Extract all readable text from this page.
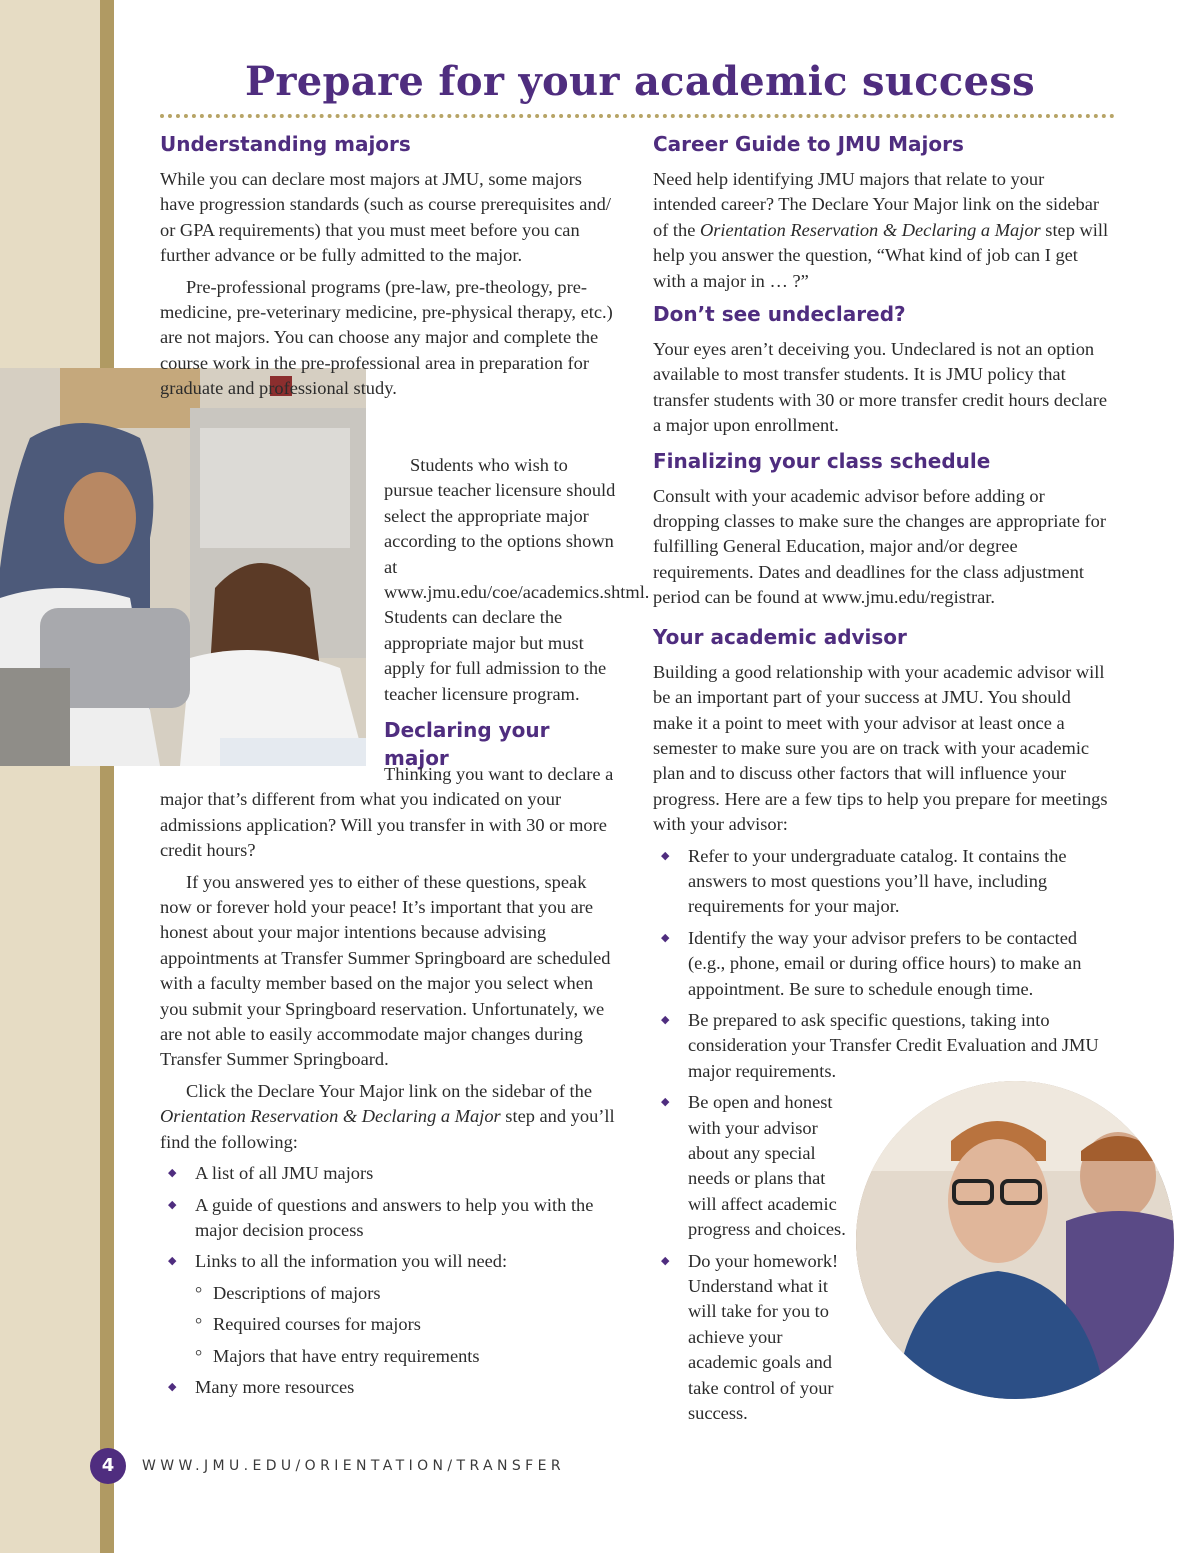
Prepare for your academic success
Understanding majors

While you can declare most majors at JMU, some majors have progression standards (such as course prerequisites and/ or GPA requirements) that you must meet before you can further advance or be fully admitted to the major.

Pre-professional programs (pre-law, pre-theology, pre-medicine, pre-veterinary medicine, pre-physical therapy, etc.) are not majors. You can choose any major and complete the course work in the pre-professional area in preparation for graduate and professional study.

Students who wish to pursue teacher licensure should select the appropriate major according to the options shown at www.jmu.edu/coe/academics.shtml. Students can declare the appropriate major but must apply for full admission to the teacher licensure program.

Declaring your major

Thinking you want to declare a major that’s different from what you indicated on your admissions application? Will you transfer in with 30 or more credit hours?

If you answered yes to either of these questions, speak now or forever hold your peace! It’s important that you are honest about your major intentions because advising appointments at Transfer Summer Springboard are scheduled with a faculty member based on the major you select when you submit your Springboard reservation. Unfortunately, we are not able to easily accommodate major changes during Transfer Summer Springboard.

Click the Declare Your Major link on the sidebar of the Orientation Reservation & Declaring a Major step and you’ll find the following:

◆ A list of all JMU majors
◆ A guide of questions and answers to help you with the major decision process
◆ Links to all the information you will need:
° Descriptions of majors
° Required courses for majors
° Majors that have entry requirements
◆ Many more resources
Career Guide to JMU Majors

Need help identifying JMU majors that relate to your intended career? The Declare Your Major link on the sidebar of the Orientation Reservation & Declaring a Major step will help you answer the question, “What kind of job can I get with a major in … ?”

Don’t see undeclared?

Your eyes aren’t deceiving you. Undeclared is not an option available to most transfer students. It is JMU policy that transfer students with 30 or more transfer credit hours declare a major upon enrollment.

Finalizing your class schedule

Consult with your academic advisor before adding or dropping classes to make sure the changes are appropriate for fulfilling General Education, major and/or degree requirements. Dates and deadlines for the class adjustment period can be found at www.jmu.edu/registrar.

Your academic advisor

Building a good relationship with your academic advisor will be an important part of your success at JMU. You should make it a point to meet with your advisor at least once a semester to make sure you are on track with your academic plan and to discuss other factors that will influence your progress. Here are a few tips to help you prepare for meetings with your advisor:

◆ Refer to your undergraduate catalog. It contains the answers to most questions you’ll have, including requirements for your major.
◆ Identify the way your advisor prefers to be contacted (e.g., phone, email or during office hours) to make an appointment. Be sure to schedule enough time.
◆ Be prepared to ask specific questions, taking into consideration your Transfer Credit Evaluation and JMU major requirements.
◆ Be open and honest with your advisor about any special needs or plans that will affect academic progress and choices.
◆ Do your homework! Understand what it will take for you to achieve your academic goals and take control of your success.
4	WWW.JMU.EDU/ORIENTATION/TRANSFER
